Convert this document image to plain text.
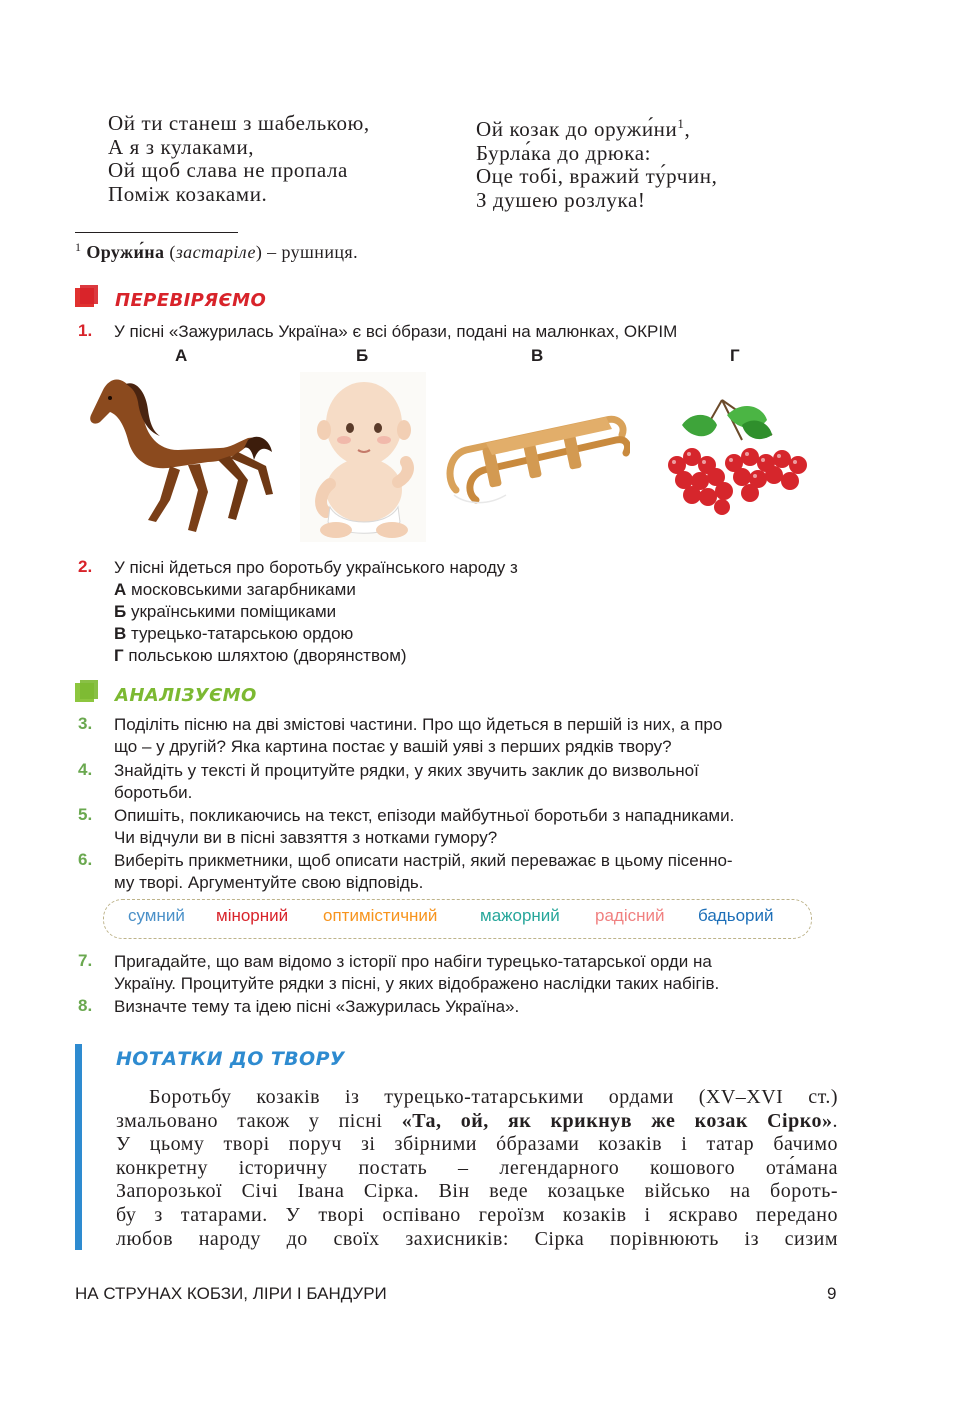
Ой ти станеш з шабелькою,
А я з кулаками,
Ой щоб слава не пропала
Поміж козаками.
Ой козак до $оружи́ни^1$,
Бурла́ка до дрюка:
Оце тобі, вражий ту́рчин,
З душею розлука!
$^1$ Оружи́на (застаріле) – рушниця.
ПЕРЕВІРЯЄМО
1. У пісні «Зажурилась Україна» є всі óбрази, подані на малюнках, ОКРІМ
А	Б	В	Г
2. У пісні йдеться про боротьбу українського народу з
А московськими загарбниками
Б українськими поміщиками
В турецько-татарською ордою
Г польською шляхтою (дворянством)
АНАЛІЗУЄМО
3. Поділіть пісню на дві змістові частини. Про що йдеться в першій із них, а про
що – у другій? Яка картина постає у вашій уяві з перших рядків твору?
4. Знайдіть у тексті й процитуйте рядки, у яких звучить заклик до визвольної
боротьби.
5. Опишіть, покликаючись на текст, епізоди майбутньої боротьби з нападниками.
Чи відчули ви в пісні завзяття з нотками гумору?
6. Виберіть прикметники, щоб описати настрій, який переважає в цьому пісенно-
му творі. Аргументуйте свою відповідь.
сумний мінорний оптимістичний	мажорний радісний бадьорий
7. Пригадайте, що вам відомо з історії про набіги турецько-татарської орди на
Україну. Процитуйте рядки з пісні, у яких відображено наслідки таких набігів.
8. Визначте тему та ідею пісні «Зажурилась Україна».
НОТАТКИ ДО ТВОРУ
Боротьбу козаків із турецько-татарськими ордами (XV–XVI ст.)
змальовано також у пісні «Та, ой, як крикнув же козак Сірко».
У цьому творі поруч зі збірними óбразами козаків і татар бачимо
конкретну історичну постать – легендарного кошового ота́мана
Запорозької Січі Івана Сірка. Він веде козацьке військо на бороть-
бу з татарами. У творі оспівано героїзм козаків і яскраво передано
любов народу до своїх захисників: Сірка порівнюють із сизим
НА СТРУНАХ КОБЗИ, ЛІРИ І БАНДУРИ	9
